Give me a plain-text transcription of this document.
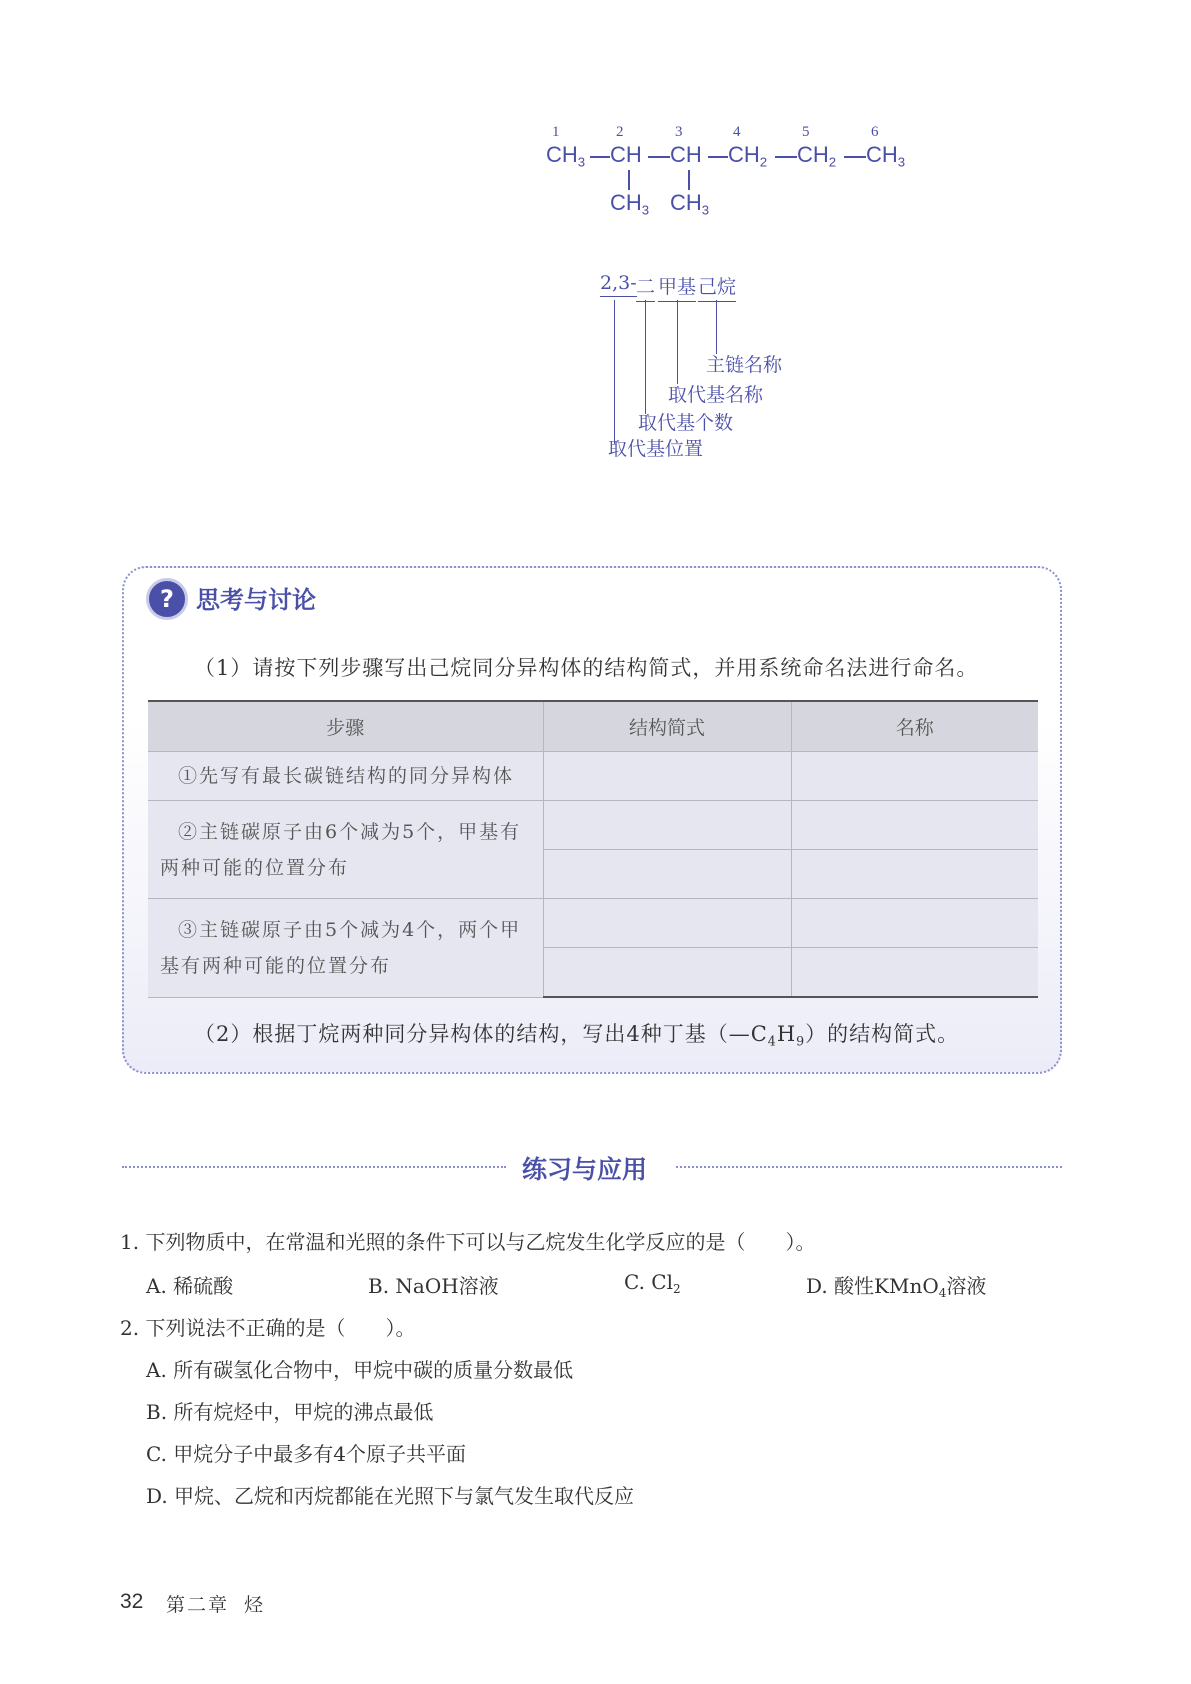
1	2	3	4	5	6
$CH_3$ CH CH $CH_2$ $CH_2$ $CH_3$
$CH_3$ $CH_3$
2,3- 二 甲基 己烷
主链名称
取代基名称
取代基个数
取代基位置
? 思考与讨论
（1）请按下列步骤写出己烷同分异构体的结构简式，并用系统命名法进行命名。
步骤	结构简式	名称
①先写有最长碳链结构的同分异构体		

②主链碳原子由6个减为5个，甲基有
两种可能的位置分布		

③主链碳原子由5个减为4个，两个甲
基有两种可能的位置分布		

（2）根据丁烷两种同分异构体的结构，写出4种丁基$(—C_4H_9)$的结构简式。
练习与应用
1. 下列物质中，在常温和光照的条件下可以与乙烷发生化学反应的是（　　）。
A. 稀硫酸	B. NaOH溶液	C. $Cl_2$	D. 酸性KMnO$_4$溶液
2. 下列说法不正确的是（　　）。
A. 所有碳氢化合物中，甲烷中碳的质量分数最低
B. 所有烷烃中，甲烷的沸点最低
C. 甲烷分子中最多有4个原子共平面
D. 甲烷、乙烷和丙烷都能在光照下与氯气发生取代反应
32 第二章 烃
